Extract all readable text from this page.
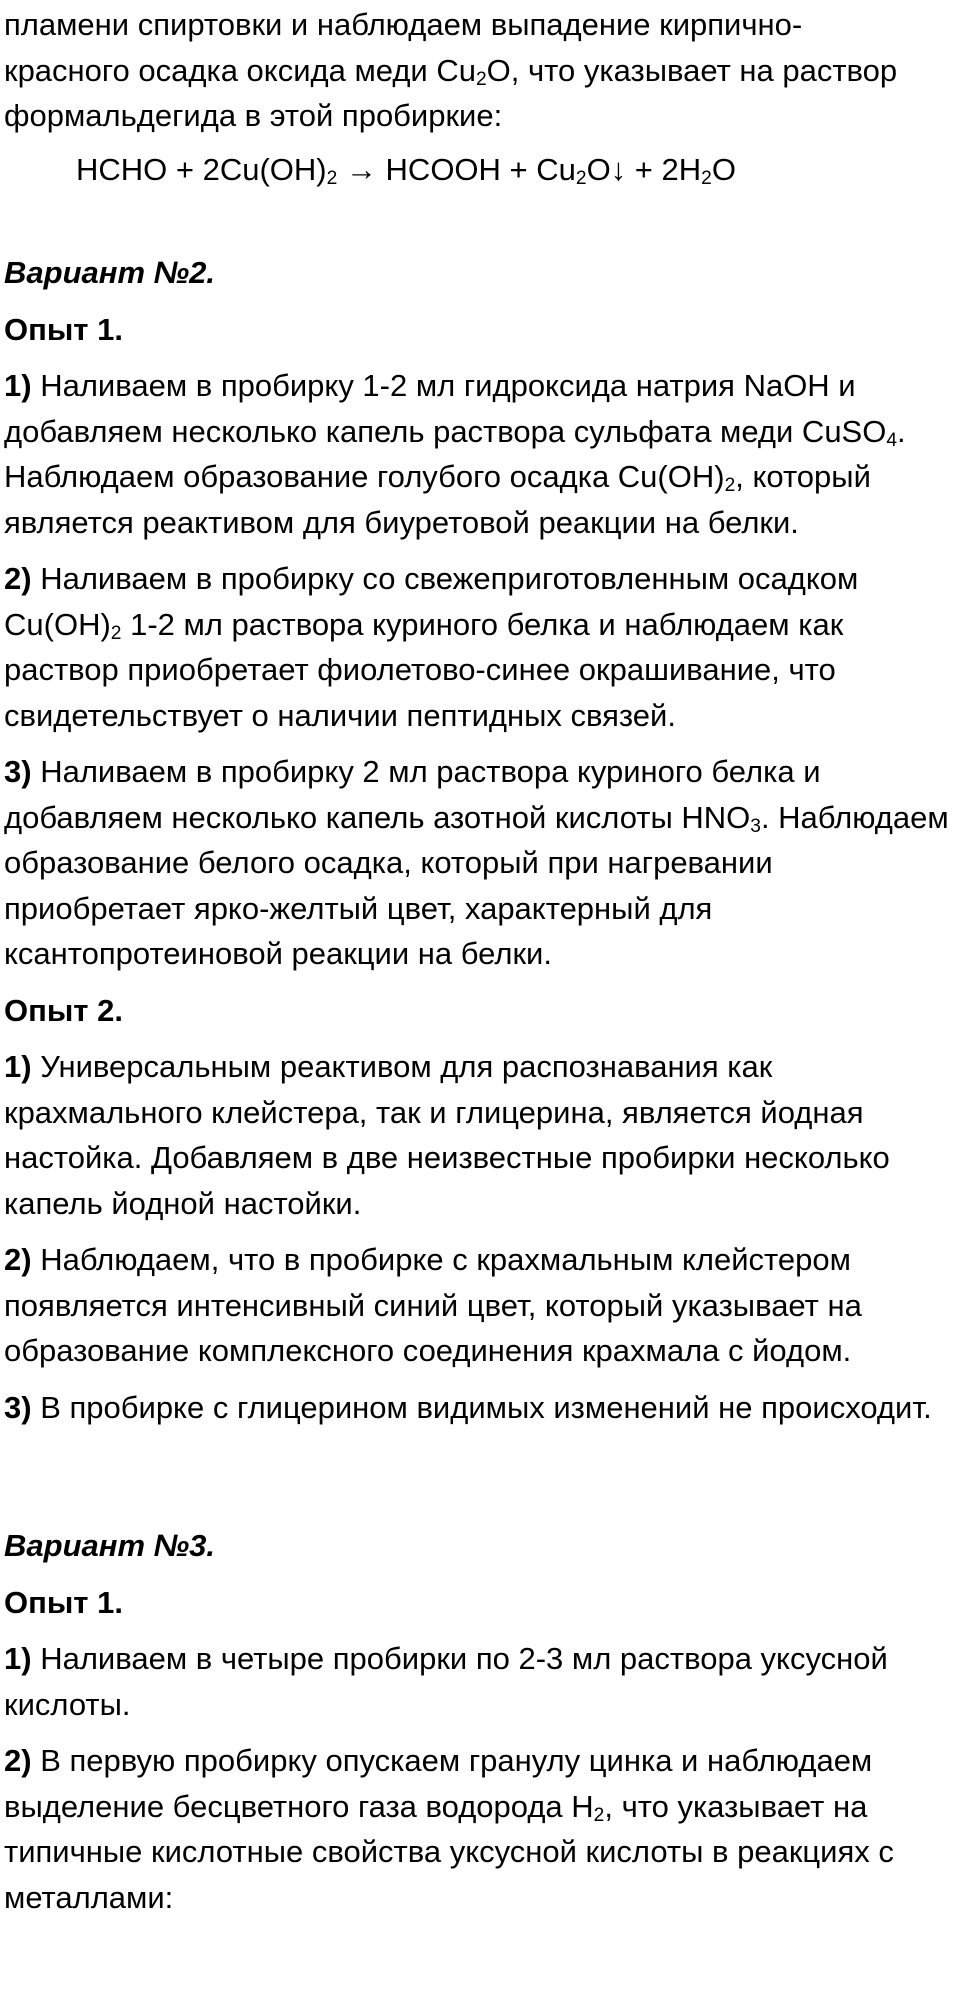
пламени спиртовки и наблюдаем выпадение кирпично-
красного осадка оксида меди $Cu_2O$, что указывает на раствор формальдегида в этой пробиркие:

HCHO + $2Cu(OH)_2$ → HCOOH + $Cu_2O↓ + 2H_2O$

Вариант №2.

Опыт 1.

1) Наливаем в пробирку 1-2 мл гидроксида натрия NaOH и добавляем несколько капель раствора сульфата меди CuSO$_4$. Наблюдаем образование голубого осадка $Cu(OH)_2$, который является реактивом для биуретовой реакции на белки.

2) Наливаем в пробирку со свежеприготовленным осадком $Cu(OH)_2$ 1-2 мл раствора куриного белка и наблюдаем как раствор приобретает фиолетово-синее окрашивание, что свидетельствует о наличии пептидных связей.

3) Наливаем в пробирку 2 мл раствора куриного белка и добавляем несколько капель азотной кислоты $HNO_3$. Наблюдаем образование белого осадка, который при нагревании приобретает ярко-желтый цвет, характерный для ксантопротеиновой реакции на белки.

Опыт 2.

1) Универсальным реактивом для распознавания как крахмального клейстера, так и глицерина, является йодная настойка. Добавляем в две неизвестные пробирки несколько капель йодной настойки.

2) Наблюдаем, что в пробирке с крахмальным клейстером появляется интенсивный синий цвет, который указывает на образование комплексного соединения крахмала с йодом.

3) В пробирке с глицерином видимых изменений не происходит.

Вариант №3.

Опыт 1.

1) Наливаем в четыре пробирки по 2-3 мл раствора уксусной кислоты.

2) В первую пробирку опускаем гранулу цинка и наблюдаем выделение бесцветного газа водорода $H_2$, что указывает на типичные кислотные свойства уксусной кислоты в реакциях с металлами:
